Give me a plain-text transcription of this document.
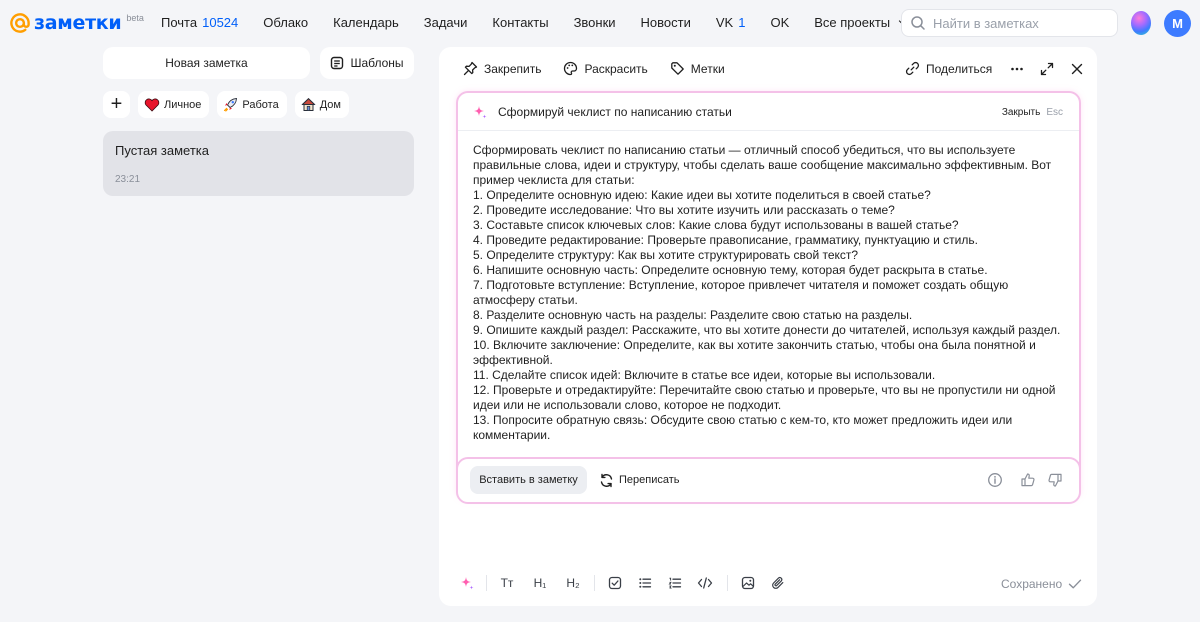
заметки beta Почта 10524 Облако Календарь Задачи Контакты Звонки Новости VK 1 OK Все проекты
Найти в заметках	М
Новая заметка	Шаблоны
+	Личное	Работа	Дом
Пустая заметка
23:21
Закрепить	Раскрасить	Метки	Поделиться
Сформируй чеклист по написанию статьи	Закрыть Esc

Сформировать чеклист по написанию статьи — отличный способ убедиться, что вы используете правильные слова, идеи и структуру, чтобы сделать ваше сообщение максимально эффективным. Вот пример чеклиста для статьи:

1. Определите основную идею: Какие идеи вы хотите поделиться в своей статье?

2. Проведите исследование: Что вы хотите изучить или рассказать о теме?

3. Составьте список ключевых слов: Какие слова будут использованы в вашей статье?

4. Проведите редактирование: Проверьте правописание, грамматику, пунктуацию и стиль.

5. Определите структуру: Как вы хотите структурировать свой текст?

6. Напишите основную часть: Определите основную тему, которая будет раскрыта в статье.

7. Подготовьте вступление: Вступление, которое привлечет читателя и поможет создать общую атмосферу статьи.

8. Разделите основную часть на разделы: Разделите свою статью на разделы.

9. Опишите каждый раздел: Расскажите, что вы хотите донести до читателей, используя каждый раздел.

10. Включите заключение: Определите, как вы хотите закончить статью, чтобы она была понятной и эффективной.

11. Сделайте список идей: Включите в статье все идеи, которые вы использовали.

12. Проверьте и отредактируйте: Перечитайте свою статью и проверьте, что вы не пропустили ни одной идеи или не использовали слово, которое не подходит.

13. Попросите обратную связь: Обсудите свою статью с кем-то, кто может предложить идеи или комментарии.

Вставить в заметку	Переписать
Тт H₁ H₂	Сохранено
